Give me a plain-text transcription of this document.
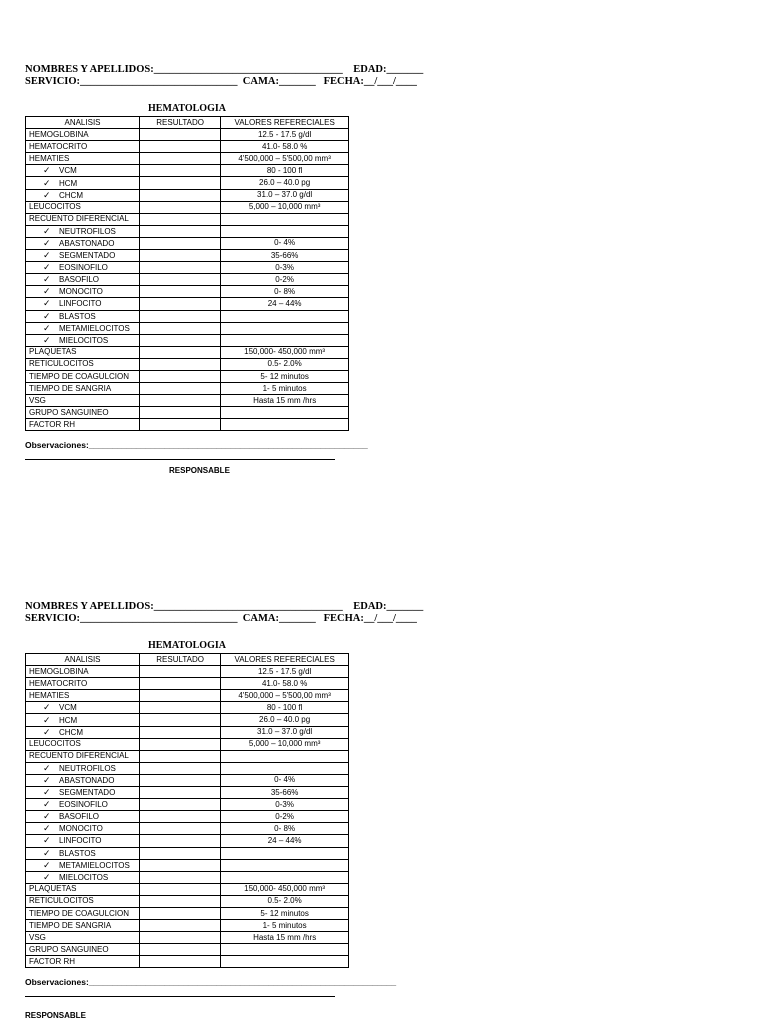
NOMBRES Y APELLIDOS:____________________________________    EDAD:_______
SERVICIO:______________________________  CAMA:_______   FECHA:__/___/____
HEMATOLOGIA
ANALISIS	RESULTADO	VALORES REFERECIALES
HEMOGLOBINA		12.5 - 17.5 g/dl
HEMATOCRITO		41.0- 58.0 %
HEMATIES		4'500,000 – 5'500,00 mm³
✓ VCM		80 - 100 fl
✓ HCM		26.0 – 40.0 pg
✓ CHCM		31.0 – 37.0 g/dl
LEUCOCITOS		5,000 – 10,000 mm³
RECUENTO DIFERENCIAL		
✓ NEUTROFILOS		
✓ ABASTONADO		0- 4%
✓ SEGMENTADO		35-66%
✓ EOSINOFILO		0-3%
✓ BASOFILO		0-2%
✓ MONOCITO		0- 8%
✓ LINFOCITO		24 – 44%
✓ BLASTOS		
✓ METAMIELOCITOS		
✓ MIELOCITOS		
PLAQUETAS		150,000- 450,000 mm³
RETICULOCITOS		0.5- 2.0%
TIEMPO DE COAGULCION		5- 12 minutos
TIEMPO DE SANGRIA		1- 5 minutos
VSG		Hasta 15 mm /hrs
GRUPO SANGUINEO		
FACTOR RH		
Observaciones:___________________________________________________________
RESPONSABLE
NOMBRES Y APELLIDOS:____________________________________    EDAD:_______
SERVICIO:______________________________  CAMA:_______   FECHA:__/___/____
HEMATOLOGIA
ANALISIS	RESULTADO	VALORES REFERECIALES
HEMOGLOBINA		12.5 - 17.5 g/dl
HEMATOCRITO		41.0- 58.0 %
HEMATIES		4'500,000 – 5'500,00 mm³
✓ VCM		80 - 100 fl
✓ HCM		26.0 – 40.0 pg
✓ CHCM		31.0 – 37.0 g/dl
LEUCOCITOS		5,000 – 10,000 mm³
RECUENTO DIFERENCIAL		
✓ NEUTROFILOS		
✓ ABASTONADO		0- 4%
✓ SEGMENTADO		35-66%
✓ EOSINOFILO		0-3%
✓ BASOFILO		0-2%
✓ MONOCITO		0- 8%
✓ LINFOCITO		24 – 44%
✓ BLASTOS		
✓ METAMIELOCITOS		
✓ MIELOCITOS		
PLAQUETAS		150,000- 450,000 mm³
RETICULOCITOS		0.5- 2.0%
TIEMPO DE COAGULCION		5- 12 minutos
TIEMPO DE SANGRIA		1- 5 minutos
VSG		Hasta 15 mm /hrs
GRUPO SANGUINEO		
FACTOR RH		
Observaciones:_________________________________________________________________
RESPONSABLE
